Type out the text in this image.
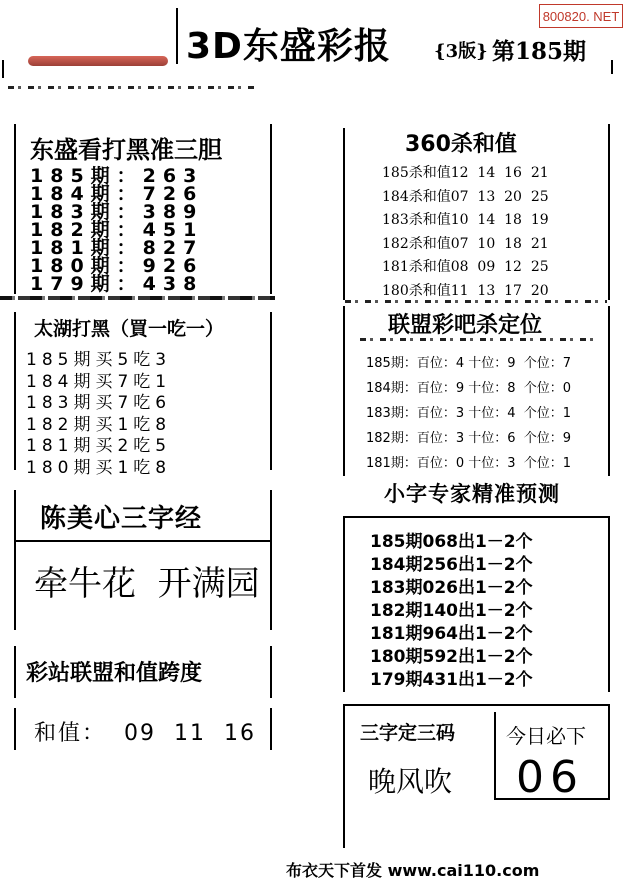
800820. NET
3D东盛彩报 {3版} 第185期
东盛看打黑准三胆
185期：263
184期：726
183期：389
182期：451
181期：827
180期：926
179期：438
360杀和值
185杀和值12  14  16  21
184杀和值07  13  20  25
183杀和值10  14  18  19
182杀和值07  10  18  21
181杀和值08  09  12  25
180杀和值11  13  17  20
太湖打黑（買一吃一）
185期买5吃3
184期买7吃1
183期买7吃6
182期买1吃8
181期买2吃5
180期买1吃8
联盟彩吧杀定位
185期：百位：4 十位：9  个位：7
184期：百位：9 十位：8  个位：0
183期：百位：3 十位：4  个位：1
182期：百位：3 十位：6  个位：9
181期：百位：0 十位：3  个位：1
陈美心三字经
牵牛花  开满园
小字专家精准预测
185期068出1－2个
184期256出1－2个
183期026出1－2个
182期140出1－2个
181期964出1－2个
180期592出1－2个
179期431出1－2个
彩站联盟和值跨度
和值：  09  11  16	三字定三码
晚风吹
今日必下
06
布衣天下首发 www.cai110.com
